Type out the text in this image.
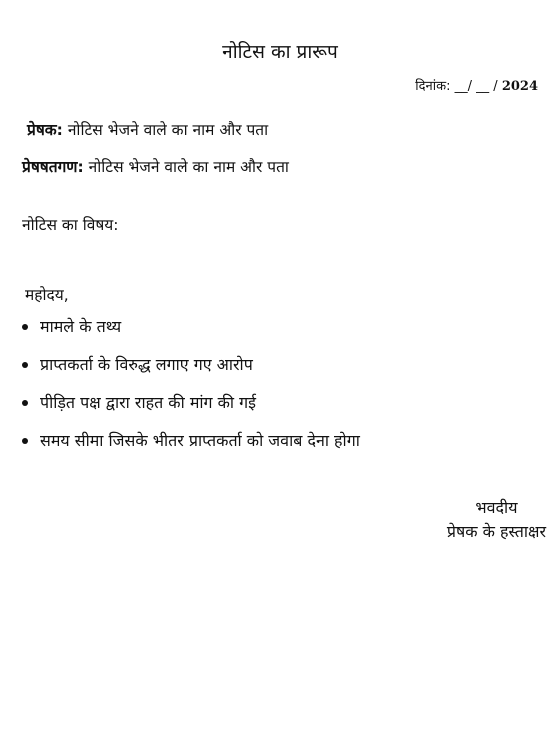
नोटिस का प्रारूप
दिनांक: __/ __ / 2024
प्रेषक: नोटिस भेजने वाले का नाम और पता
प्रेषषतगण: नोटिस भेजने वाले का नाम और पता
नोटिस का विषय:
महोदय,
मामले के तथ्य
प्राप्तकर्ता के विरुद्ध लगाए गए आरोप
पीड़ित पक्ष द्वारा राहत की मांग की गई
समय सीमा जिसके भीतर प्राप्तकर्ता को जवाब देना होगा
भवदीय
प्रेषक के हस्ताक्षर
